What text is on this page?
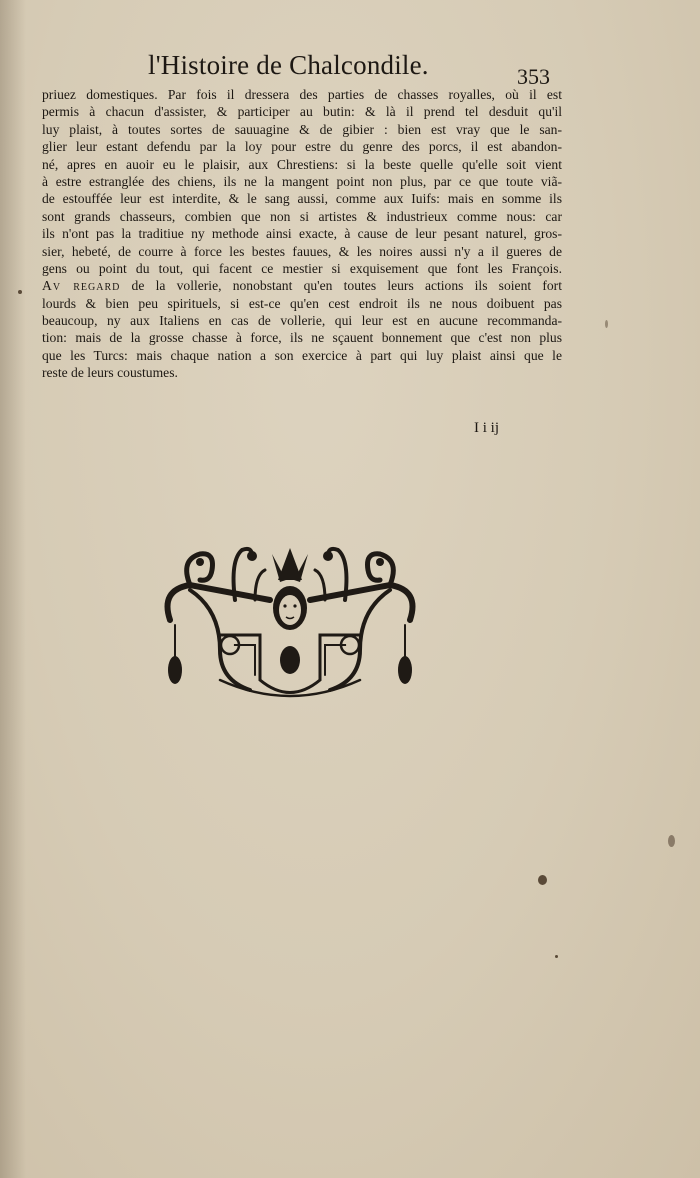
l'Histoire de Chalcondile.	353
priuez domestiques. Par fois il dressera des parties de chasses royalles, où il est
permis à chacun d'assister, & participer au butin: & là il prend tel desduit qu'il
luy plaist, à toutes sortes de sauuagine & de gibier : bien est vray que le san-
glier leur estant defendu par la loy pour estre du genre des porcs, il est abandon-
né, apres en auoir eu le plaisir, aux Chrestiens: si la beste quelle qu'elle soit vient
à estre estranglée des chiens, ils ne la mangent point non plus, par ce que toute viã-
de estouffée leur est interdite, & le sang aussi, comme aux Iuifs: mais en somme ils
sont grands chasseurs, combien que non si artistes & industrieux comme nous: car
ils n'ont pas la traditiue ny methode ainsi exacte, à cause de leur pesant naturel, gros-
sier, hebeté, de courre à force les bestes fauues, & les noires aussi n'y a il gueres de
gens ou point du tout, qui facent ce mestier si exquisement que font les François.
Av regard de la vollerie, nonobstant qu'en toutes leurs actions ils soient fort
lourds & bien peu spirituels, si est-ce qu'en cest endroit ils ne nous doibuent pas
beaucoup, ny aux Italiens en cas de vollerie, qui leur est en aucune recommanda-
tion: mais de la grosse chasse à force, ils ne sçauent bonnement que c'est non plus
que les Turcs: mais chaque nation a son exercice à part qui luy plaist ainsi que le
reste de leurs coustumes.
I i ij
